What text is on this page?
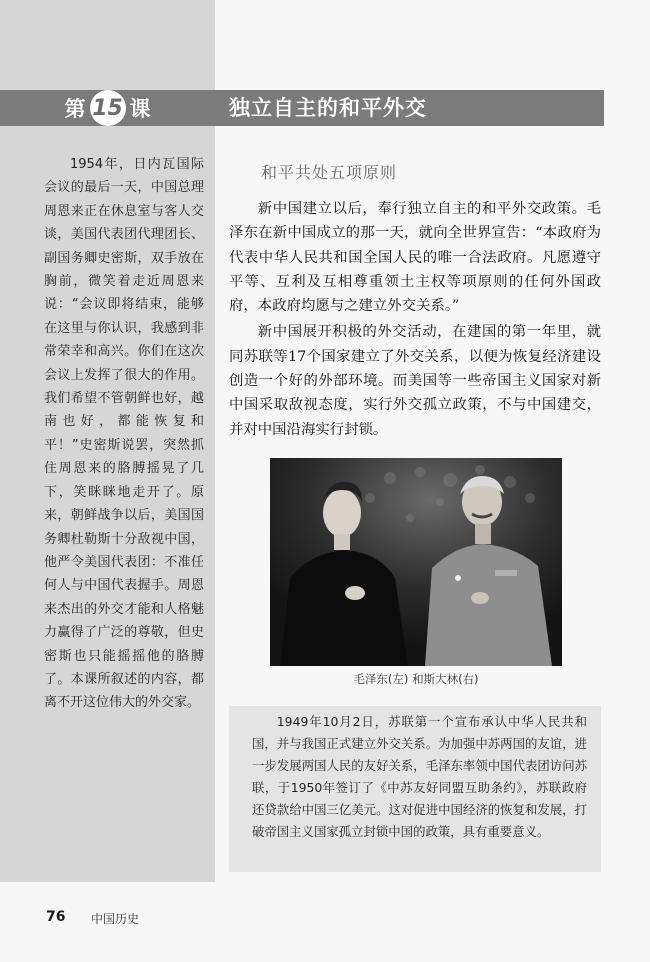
第 15 课	独立自主的和平外交

1954年，日内瓦国际会议的最后一天，中国总理周恩来正在休息室与客人交谈，美国代表团代理团长、副国务卿史密斯，双手放在胸前，微笑着走近周恩来说：“会议即将结束，能够在这里与你认识，我感到非常荣幸和高兴。你们在这次会议上发挥了很大的作用。我们希望不管朝鲜也好，越南也好，都能恢复和平！”史密斯说罢，突然抓住周恩来的胳膊摇晃了几下，笑眯眯地走开了。原来，朝鲜战争以后，美国国务卿杜勒斯十分敌视中国，他严令美国代表团：不准任何人与中国代表握手。周恩来杰出的外交才能和人格魅力赢得了广泛的尊敬，但史密斯也只能摇摇他的胳膊了。本课所叙述的内容，都离不开这位伟大的外交家。

和平共处五项原则

新中国建立以后，奉行独立自主的和平外交政策。毛泽东在新中国成立的那一天，就向全世界宣告：“本政府为代表中华人民共和国全国人民的唯一合法政府。凡愿遵守平等、互利及互相尊重领土主权等项原则的任何外国政府，本政府均愿与之建立外交关系。”

新中国展开积极的外交活动，在建国的第一年里，就同苏联等17个国家建立了外交关系，以便为恢复经济建设创造一个好的外部环境。而美国等一些帝国主义国家对新中国采取敌视态度，实行外交孤立政策，不与中国建交，并对中国沿海实行封锁。

毛泽东(左) 和斯大林(右)

1949年10月2日，苏联第一个宣布承认中华人民共和国，并与我国正式建立外交关系。为加强中苏两国的友谊，进一步发展两国人民的友好关系，毛泽东率领中国代表团访问苏联，于1950年签订了《中苏友好同盟互助条约》，苏联政府还贷款给中国三亿美元。这对促进中国经济的恢复和发展，打破帝国主义国家孤立封锁中国的政策，具有重要意义。

76 中国历史
